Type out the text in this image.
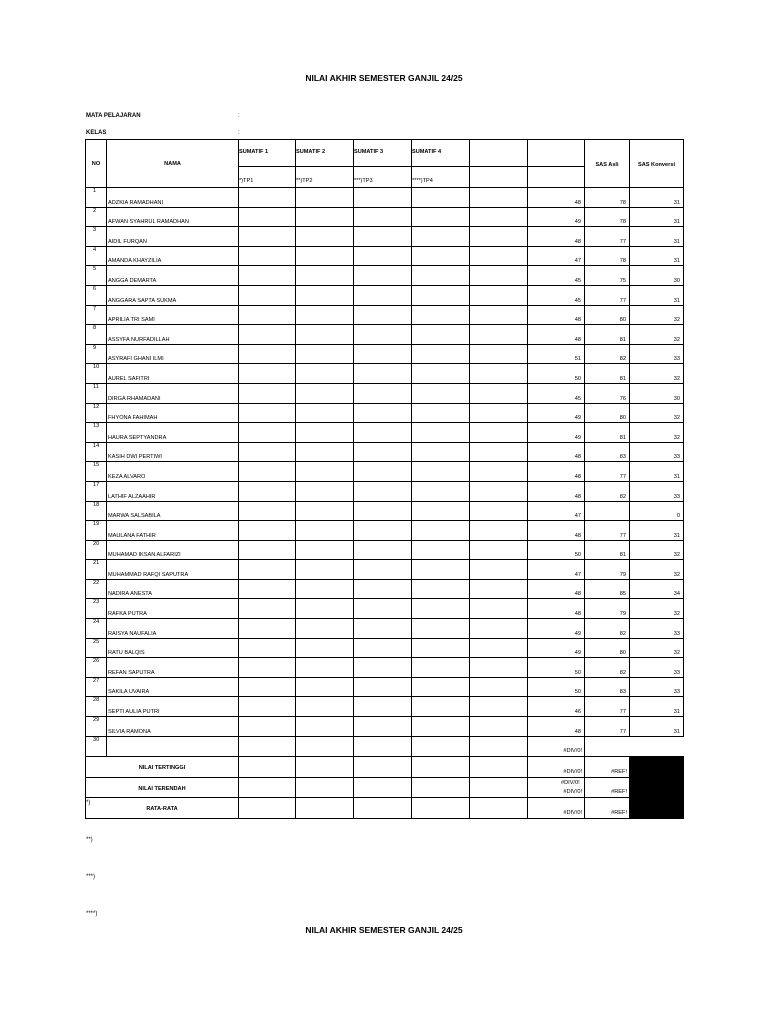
NILAI AKHIR SEMESTER GANJIL 24/25
MATA PELAJARAN	:
KELAS	:
NO	NAMA	SUMATIF 1	SUMATIF 2	SUMATIF 3	SUMATIF 4			SAS Asli	SAS Konversi
		*)TP1	**)TP2	***)TP3	****)TP4				
1	ADZKIA RAMADHANI						48	78	31
2	AFWAN SYAHRUL RAMADHAN						49	78	31
3	AIDIL FURQAN						48	77	31
4	AMANDA KHAYZILIA						47	78	31
5	ANGGA DEMARTA						45	75	30
6	ANGGARA SAPTA SUKMA						45	77	31
7	APRILIA TRI SAMI						48	80	32
8	ASSYFA NURFADILLAH						48	81	32
9	ASYRAFI GHANI ILMI						51	82	33
10	AUREL SAFITRI						50	81	32
11	DIRGA RHAMADANI						45	76	30
12	FHYONA FAHIMAH						49	80	32
13	HAURA SEPTYANDRA						49	81	32
14	KASIH DWI PERTIWI						48	83	33
15	KEZA ALVARO						48	77	31
17	LATHIF ALZAAHIR						48	82	33
18	MARWA SALSABILA						47		0
19	MAULANA FATHIR						48	77	31
20	MUHAMAD IKSAN ALFARIZI						50	81	32
21	MUHAMMAD RAFQI SAPUTRA						47	79	32
22	NADIRA ANESTA						48	85	34
23	RAFKA PUTRA						48	79	32
24	RAISYA NAUFALIA						49	82	33
25	RATU BALQIS						49	80	32
26	REFAN SAPUTRA						50	82	33
27	SAKILA UVAIRA						50	83	33
28	SEPTI AULIA PUTRI						46	77	31
29	SILVIA RAMONA						48	77	31
30							#DIV/0!		
NILAI TERTINGGI							#DIV/0!	#REF!	
NILAI TERENDAH							#DIV/0!	#REF!	
RATA-RATA							#DIV/0!	#REF!	
#DIV/0!
*)
**)
***)
****)
NILAI AKHIR SEMESTER GANJIL 24/25
